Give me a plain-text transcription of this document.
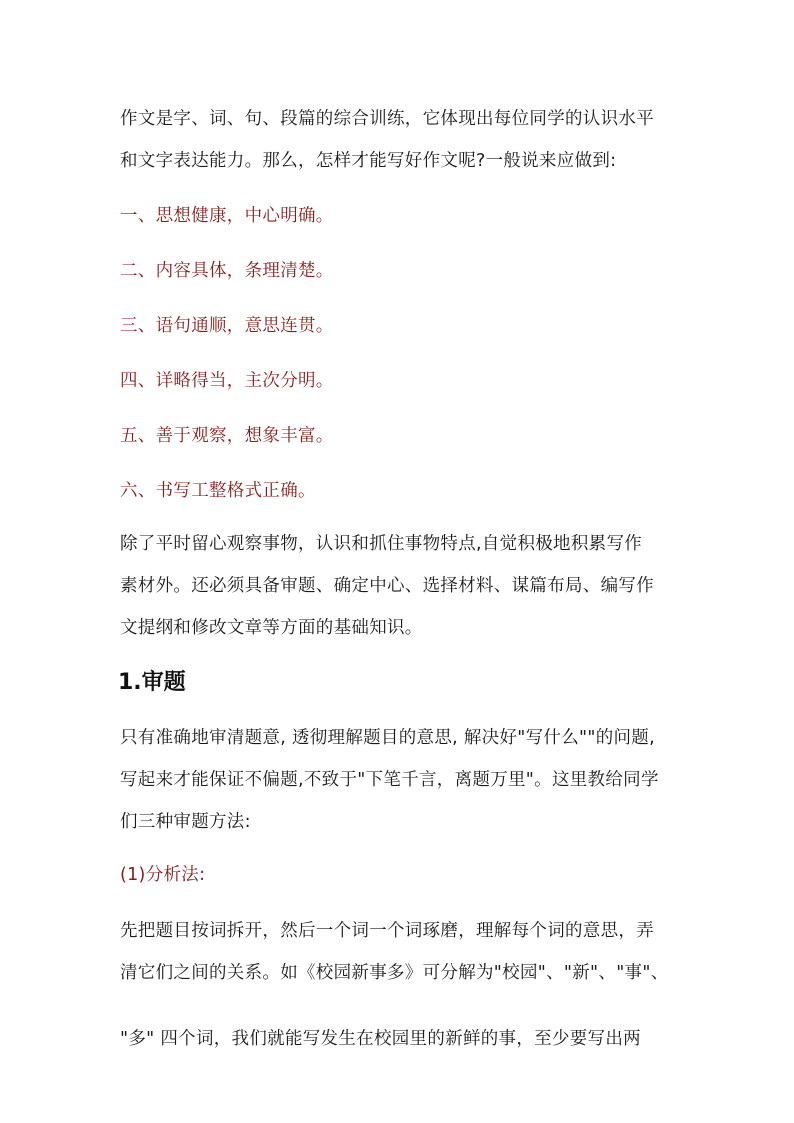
作文是字、词、句、段篇的综合训练，它体现出每位同学的认识水平
和文字表达能力。那么，怎样才能写好作文呢?一般说来应做到:
一、思想健康，中心明确。
二、内容具体，条理清楚。
三、语句通顺，意思连贯。
四、详略得当，主次分明。
五、善于观察，想象丰富。
六、书写工整格式正确。
除了平时留心观察事物，认识和抓住事物特点,自觉积极地积累写作
素材外。还必须具备审题、确定中心、选择材料、谋篇布局、编写作
文提纲和修改文章等方面的基础知识。
1.审题
只有准确地审清题意, 透彻理解题目的意思, 解决好"写什么""的问题,
写起来才能保证不偏题,不致于"下笔千言，离题万里"。这里教给同学
们三种审题方法:
(1)分析法:
先把题目按词拆开，然后一个词一个词琢磨，理解每个词的意思，弄
清它们之间的关系。如《校园新事多》可分解为"校园"、"新"、"事"、
"多" 四个词，我们就能写发生在校园里的新鲜的事，至少要写出两
